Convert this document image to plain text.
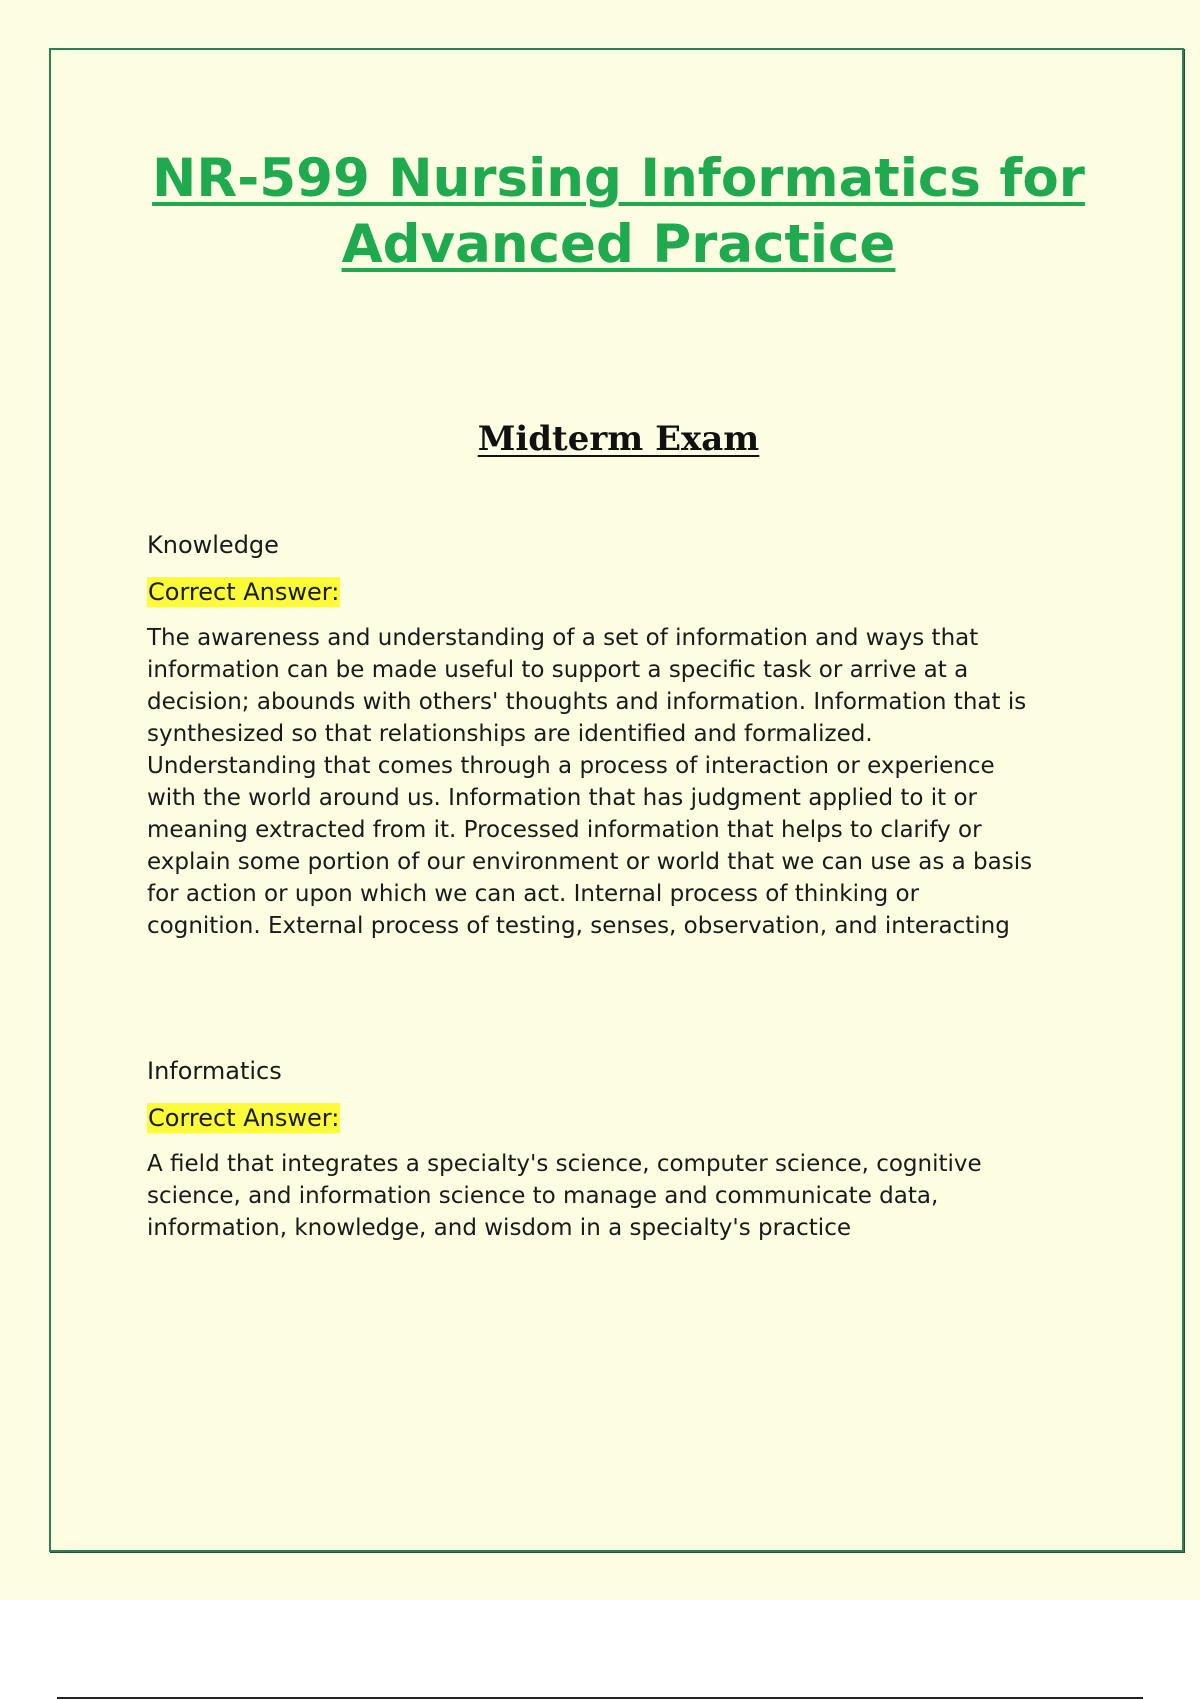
NR-599 Nursing Informatics for Advanced Practice
Midterm Exam

Knowledge

Correct Answer:

The awareness and understanding of a set of information and ways that
information can be made useful to support a specific task or arrive at a
decision; abounds with others' thoughts and information. Information that is
synthesized so that relationships are identified and formalized.
Understanding that comes through a process of interaction or experience
with the world around us. Information that has judgment applied to it or
meaning extracted from it. Processed information that helps to clarify or
explain some portion of our environment or world that we can use as a basis
for action or upon which we can act. Internal process of thinking or
cognition. External process of testing, senses, observation, and interacting

Informatics

Correct Answer:

A field that integrates a specialty's science, computer science, cognitive
science, and information science to manage and communicate data,
information, knowledge, and wisdom in a specialty's practice
